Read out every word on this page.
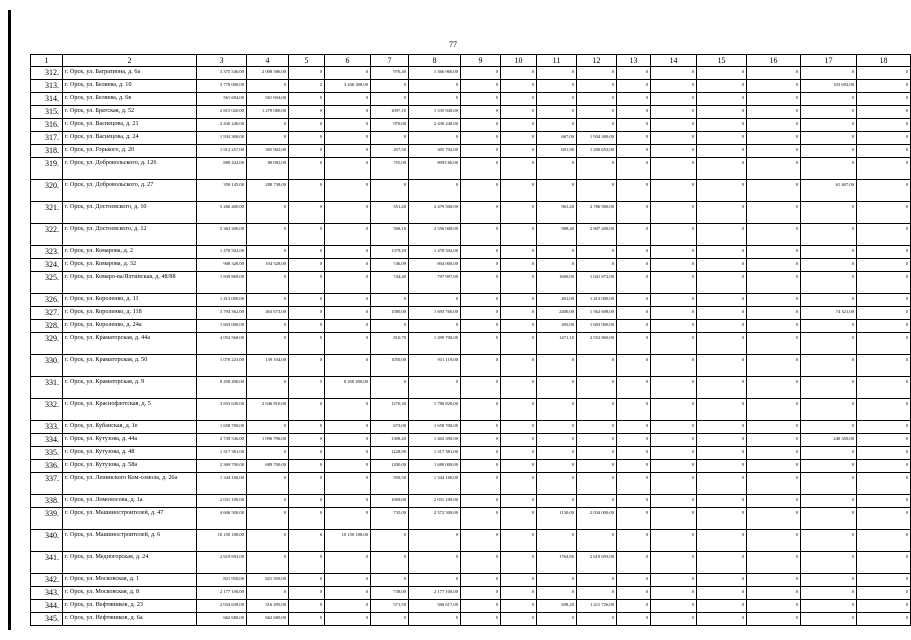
77
1	2	3	4	5	6	7	8	9	10	11	12	13	14	15	16	17	18
312.	г. Орск, ул. Багратиона, д. 6а	3 375 546,00	2 008 586,00	0	0	976,40	1 366 960,00	0	0	0	0	0	0	0	0	0	0
313.	г. Орск, ул. Беляева, д. 10	3 770 000,00	0	2	3 436 308,00	0	0	0	0	0	0	0	0	0	0	333 692,00	0
314.	г. Орск, ул. Беляева, д. 6в	561 694,00	561 694,00	0	0	0	0	0	0	0	0	0	0	0	0	0	0
315.	г. Орск, ул. Братская, д. 52	2 815 020,00	1 279 080,00	0	0	1097,10	1 535 940,00	0	0	0	0	0	0	0	0	0	0
316.	г. Орск, ул. Васнецова, д. 21	2 430 240,00	0	0	0	976,00	2 430 240,00	0	0	0	0	0	0	0	0	0	0
317.	г. Орск, ул. Васнецова, д. 24	1 934 300,00	0	0	0	0	0	0	0	667,00	1 934 300,00	0	0	0	0	0	0
318.	г. Орск, ул. Горького, д. 20	1 912 257,00	305 902,00	0	0	457,50	405 702,00	0	0	691,90	1 200 653,00	0	0	0	0	0	0
319.	г. Орск, ул. Добровольского, д. 126	889 442,00	80 082,00	0	0	755,00	8093 60,00	0	0	0	0	0	0	0	0	0	0
320.	г. Орск, ул. Добровольского, д. 27	350 145,00	288 738,00	0	0	0	0	0	0	0	0	0	0	0	0	61 407,00	0
321.	г. Орск, ул. Достоевского, д. 10	5 266 400,00	0	0	0	551,20	2 479 500,00	0	0	961,20	2 786 900,00	0	0	0	0	0	0
322.	г. Орск, ул. Достоевского, д. 12	5 363 200,00	0	0	0	568,16	2 556 000,00	0	0	988,40	2 807 200,00	0	0	0	0	0	0
323.	г. Орск, ул. Комарова, д. 2	1 478 502,00	0	0	0	1379,29	1 478 502,00	0	0	0	0	0	0	0	0	0	0
324.	г. Орск, ул. Комарова, д. 32	908 328,00	104 328,00	0	0	746,09	804 000,00	0	0	0	0	0	0	0	0	0	0
325.	г. Орск, ул. Комаро-ва/Ялтинская, д. 48/88	1 839 869,00	0	0	0	744,40	797 997,00	0	0	1600,00	1 041 872,00	0	0	0	0	0	0
326.	г. Орск, ул. Короленко, д. 11	1 413 000,00	0	0	0	0	0	0	0	401,00	1 413 000,00	0	0	0	0	0	0
327.	г. Орск, ул. Короленко, д. 118	3 794 362,00	463 673,00	0	0	1580,00	1 693 760,00	0	0	2400,00	1 562 608,00	0	0	0	0	74 321,00	0
328.	г. Орск, ул. Короленко, д. 24а	1 603 000,00	0	0	0	0	0	0	0	495,00	1 603 000,00	0	0	0	0	0	0
329.	г. Орск, ул. Краматорская, д. 44а	4 052 560,00	0	0	0	810,70	1 499 700,00	0	0	1471,10	2 552 860,00	0	0	0	0	0	0
330.	г. Орск, ул. Краматорская, д. 50	1 070 223,00	139 104,00	0	0	1050,00	931 119,00	0	0	0	0	0	0	0	0	0	0
331.	г. Орск, ул. Краматорская, д. 9	8 458 490,00	0	5	8 458 490,00	0	0	0	0	0	0	0	0	0	0	0	0
332.	г. Орск, ул. Краснофлотская, д. 5	3 833 630,00	2 046 810,00	0	0	1276,30	1 786 820,00	0	0	0	0	0	0	0	0	0	0
333.	г. Орск, ул. Кубанская, д. 1е	1 658 700,00	0	0	0	673,00	1 658 700,00	0	0	0	0	0	0	0	0	0	0
334.	г. Орск, ул. Кутузова, д. 44а	2 739 536,00	1 096 796,00	0	0	1308,20	1 402 390,00	0	0	0	0	0	0	0	0	240 350,00	0
335.	г. Орск, ул. Кутузова, д. 48	1 317 381,00	0	0	0	1228,90	1 317 381,00	0	0	0	0	0	0	0	0	0	0
336.	г. Орск, ул. Кутузова, д. 58а	2 369 700,00	689 700,00	0	0	1200,00	1 680 000,00	0	0	0	0	0	0	0	0	0	0
337.	г. Орск, ул. Ленинского Ком-сомола, д. 26а	1 344 160,00	0	0	0	950,50	1 344 160,00	0	0	0	0	0	0	0	0	0	0
338.	г. Орск, ул. Ломоносова, д. 1а	2 031 100,00	0	0	0	1069,00	2 031 100,00	0	0	0	0	0	0	0	0	0	0
339.	г. Орск, ул. Машиностроителей, д. 47	4 606 500,00	0	0	0	735,00	2 572 500,00	0	0	1130,00	2 034 000,00	0	0	0	0	0	0
340.	г. Орск, ул. Машиностроителей, д. 6	10 150 188,00	0	6	10 150 188,00	0	0	0	0	0	0	0	0	0	0	0	0
341.	г. Орск, ул. Медногорская, д. 24	2 619 693,00	0	0	0	0	0	0	0	1764,80	2 619 693,00	0	0	0	0	0	0
342.	г. Орск, ул. Московская, д. 1	821 950,00	821 950,00	0	0	0	0	0	0	0	0	0	0	0	0	0	0
343.	г. Орск, ул. Московская, д. 8	2 177 100,00	0	0	0	738,00	2 177 100,00	0	0	0	0	0	0	0	0	0	0
344.	г. Орск, ул. Нефтяников, д. 23	2 034 638,00	316 295,00	0	0	571,50	506 617,00	0	0	698,20	1 211 726,00	0	0	0	0	0	0
345.	г. Орск, ул. Нефтяников, д. 6а	662 680,00	662 680,00	0	0	0	0	0	0	0	0	0	0	0	0	0	0
